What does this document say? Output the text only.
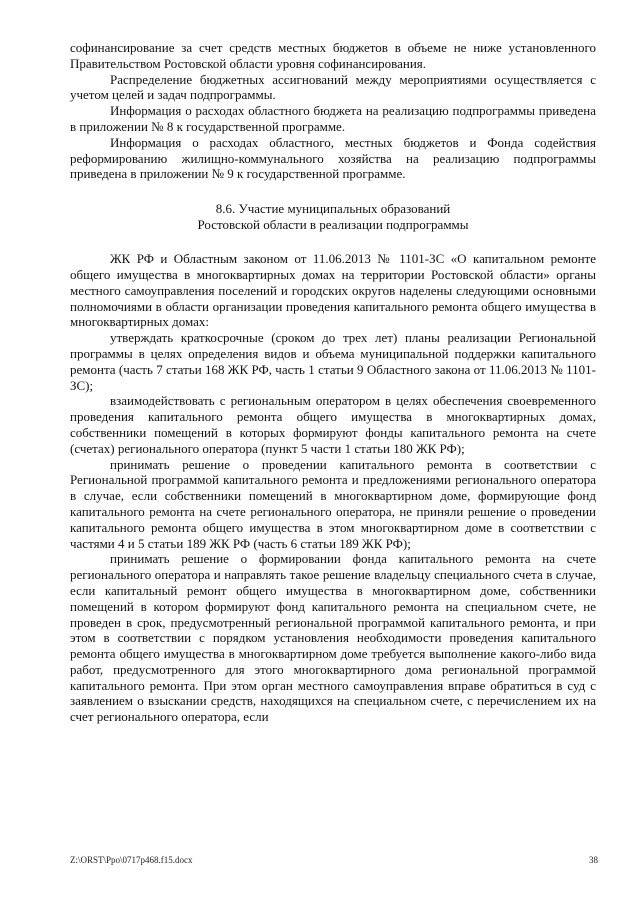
софинансирование за счет средств местных бюджетов в объеме не ниже установленного Правительством Ростовской области уровня софинансирования.

Распределение бюджетных ассигнований между мероприятиями осуществляется с учетом целей и задач подпрограммы.

Информация о расходах областного бюджета на реализацию подпрограммы приведена в приложении № 8 к государственной программе.

Информация о расходах областного, местных бюджетов и Фонда содействия реформированию жилищно-коммунального хозяйства на реализацию подпрограммы приведена в приложении № 9 к государственной программе.

8.6. Участие муниципальных образований
Ростовской области в реализации подпрограммы

ЖК РФ и Областным законом от 11.06.2013 № 1101-ЗС «О капитальном ремонте общего имущества в многоквартирных домах на территории Ростовской области» органы местного самоуправления поселений и городских округов наделены следующими основными полномочиями в области организации проведения капитального ремонта общего имущества в многоквартирных домах:

утверждать краткосрочные (сроком до трех лет) планы реализации Региональной программы в целях определения видов и объема муниципальной поддержки капитального ремонта (часть 7 статьи 168 ЖК РФ, часть 1 статьи 9 Областного закона от 11.06.2013 № 1101-ЗС);

взаимодействовать с региональным оператором в целях обеспечения своевременного проведения капитального ремонта общего имущества в многоквартирных домах, собственники помещений в которых формируют фонды капитального ремонта на счете (счетах) регионального оператора (пункт 5 части 1 статьи 180 ЖК РФ);

принимать решение о проведении капитального ремонта в соответствии с Региональной программой капитального ремонта и предложениями регионального оператора в случае, если собственники помещений в многоквартирном доме, формирующие фонд капитального ремонта на счете регионального оператора, не приняли решение о проведении капитального ремонта общего имущества в этом многоквартирном доме в соответствии с частями 4 и 5 статьи 189 ЖК РФ (часть 6 статьи 189 ЖК РФ);

принимать решение о формировании фонда капитального ремонта на счете регионального оператора и направлять такое решение владельцу специального счета в случае, если капитальный ремонт общего имущества в многоквартирном доме, собственники помещений в котором формируют фонд капитального ремонта на специальном счете, не проведен в срок, предусмотренный региональной программой капитального ремонта, и при этом в соответствии с порядком установления необходимости проведения капитального ремонта общего имущества в многоквартирном доме требуется выполнение какого-либо вида работ, предусмотренного для этого многоквартирного дома региональной программой капитального ремонта. При этом орган местного самоуправления вправе обратиться в суд с заявлением о взыскании средств, находящихся на специальном счете, с перечислением их на счет регионального оператора, если

Z:\ORST\Ppo\0717p468.f15.docx	38
